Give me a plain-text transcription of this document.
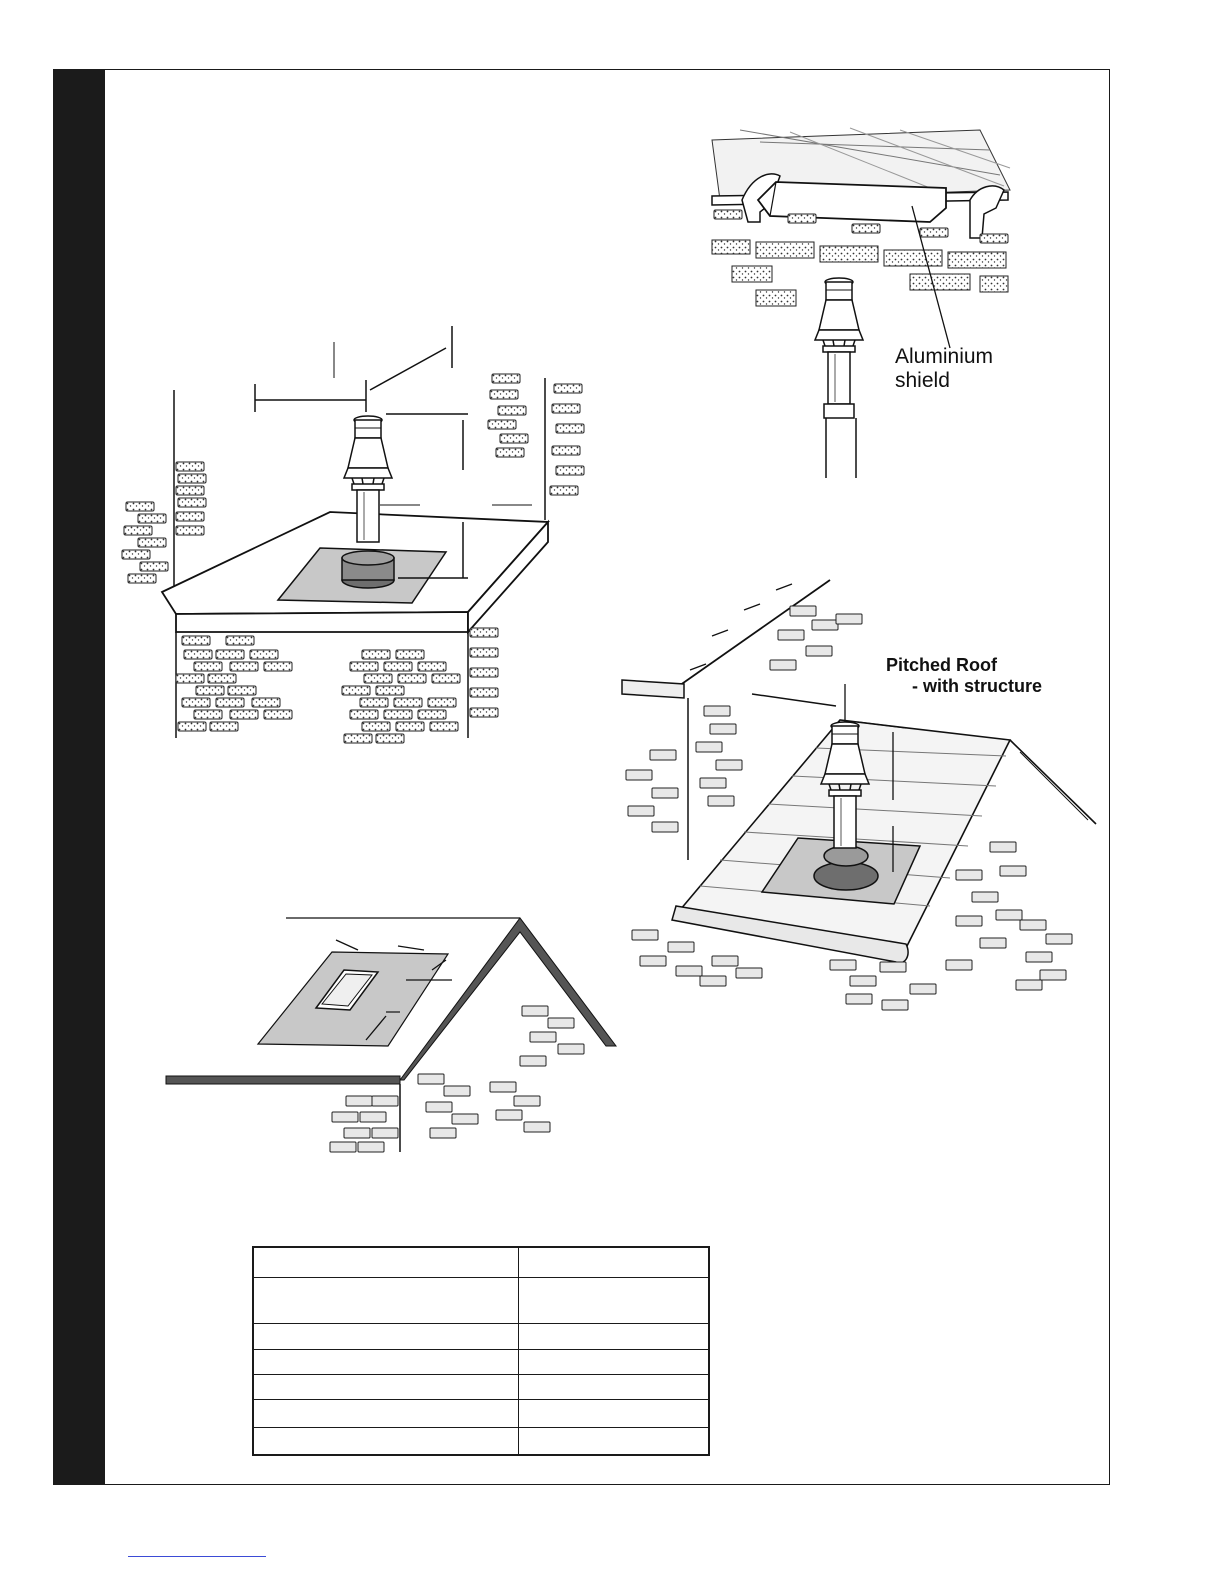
Aluminium
shield
Pitched Roof
- with structure
